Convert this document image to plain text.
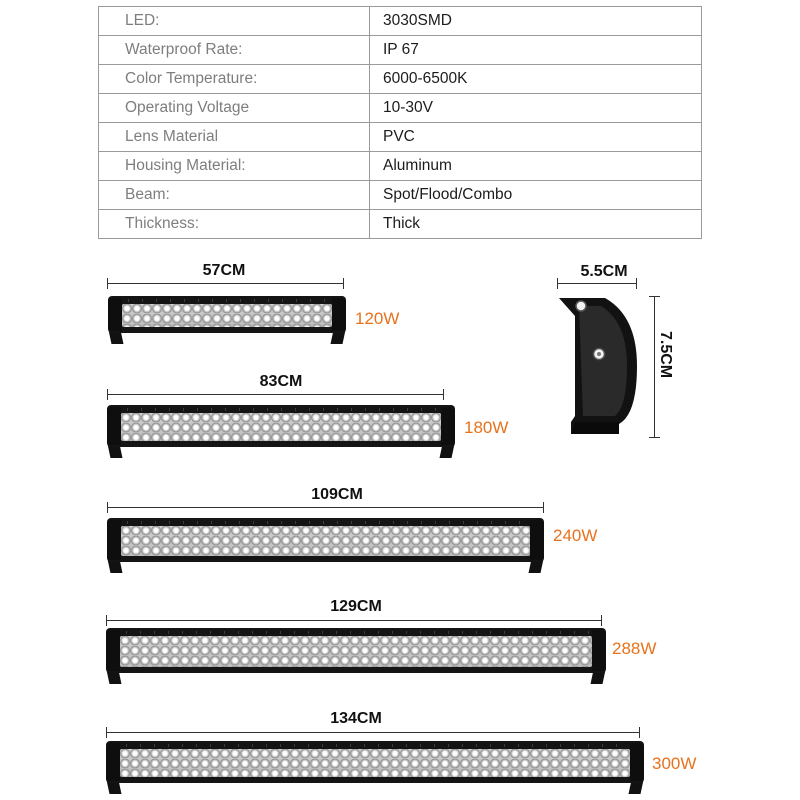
LED:	3030SMD
Waterproof Rate:	IP 67
Color Temperature:	6000-6500K
Operating Voltage	10-30V
Lens Material	PVC
Housing Material:	Aluminum
Beam:	Spot/Flood/Combo
Thickness:	Thick
57CM
120W
83CM
180W
109CM
240W
129CM
288W
134CM
300W
5.5CM
7.5CM
